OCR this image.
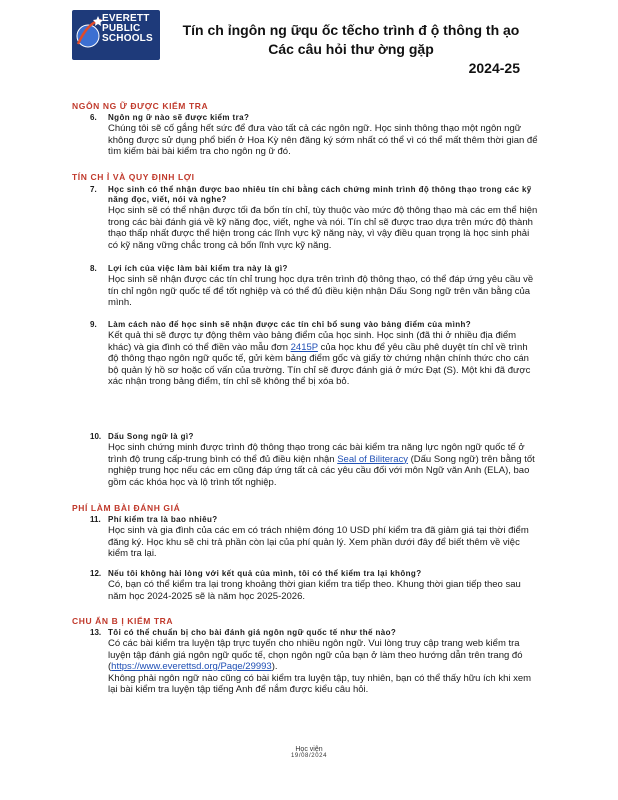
EVERETT
PUBLIC
SCHOOLS
Tín ch ỉngôn ng ữqu ốc tếcho trình đ ộ thông th ạo
Các câu hỏi thư ờng gặp
2024-25
NGÔN NG Ữ ĐƯỢC KIỂM TRA
6. Ngôn ng ữ nào sẽ được kiểm tra?
Chúng tôi sẽ cố gắng hết sức để đưa vào tất cả các ngôn ngữ. Học sinh thông thạo một ngôn ngữ không được sử dụng phổ biến ở Hoa Kỳ nên đăng ký sớm nhất có thể vì có thể mất thêm thời gian để tìm kiếm bài bài kiểm tra cho ngôn ng ữ đó.
TÍN CH Ỉ VÀ QUY ĐỊNH LỢI
7. Học sinh có thể nhận được bao nhiêu tín chỉ bằng cách chứng minh trình độ thông thạo trong các kỹ năng đọc, viết, nói và nghe?
Học sinh sẽ có thể nhận được tối đa bốn tín chỉ, tùy thuộc vào mức độ thông thạo mà các em thể hiện trong các bài đánh giá về kỹ năng đọc, viết, nghe và nói. Tín chỉ sẽ được trao dựa trên mức độ thành thạo thấp nhất được thể hiện trong các lĩnh vực kỹ năng này, vì vậy điều quan trọng là học sinh phải có kỹ năng vững chắc trong cả bốn lĩnh vực kỹ năng.
8. Lợi ích của việc làm bài kiểm tra này là gì?
Học sinh sẽ nhận được các tín chỉ trung học dựa trên trình độ thông thạo, có thể đáp ứng yêu cầu về tín chỉ ngôn ngữ quốc tế để tốt nghiệp và có thể đủ điều kiện nhận Dấu Song ngữ trên văn bằng của mình.
9. Làm cách nào để học sinh sẽ nhận được các tín chỉ bổ sung vào bảng điểm của mình?
Kết quả thi sẽ được tự động thêm vào bảng điểm của học sinh. Học sinh (đã thi ở nhiều địa điểm khác) và gia đình có thể điền vào mẫu đơn 2415P của học khu để yêu cầu phê duyệt tín chỉ về trình độ thông thạo ngôn ngữ quốc tế, gửi kèm bảng điểm gốc và giấy tờ chứng nhận chính thức cho cán bộ quản lý hồ sơ hoặc cố vấn của trường. Tín chỉ sẽ được đánh giá ở mức Đạt (S). Một khi đã được xác nhận trong bảng điểm, tín chỉ sẽ không thể bị xóa bỏ.
10. Dấu Song ngữ là gì?
Học sinh chứng minh được trình độ thông thạo trong các bài kiểm tra năng lực ngôn ngữ quốc tế ở trình độ trung cấp-trung bình có thể đủ điều kiện nhận Seal of Biliteracy (Dấu Song ngữ) trên bằng tốt nghiệp trung học nếu các em cũng đáp ứng tất cả các yêu cầu đối với môn Ngữ văn Anh (ELA), bao gồm các khóa học và lộ trình tốt nghiệp.
PHÍ LÀM BÀI ĐÁNH GIÁ
11. Phí kiểm tra là bao nhiêu?
Học sinh và gia đình của các em có trách nhiệm đóng 10 USD phí kiểm tra đã giảm giá tại thời điểm đăng ký. Học khu sẽ chi trả phần còn lại của phí quản lý. Xem phần dưới đây để biết thêm về việc kiểm tra lại.
12. Nếu tôi không hài lòng với kết quả của mình, tôi có thể kiểm tra lại không?
Có, bạn có thể kiểm tra lại trong khoảng thời gian kiểm tra tiếp theo. Khung thời gian tiếp theo sau năm học 2024-2025 sẽ là năm học 2025-2026.
CHU ẨN B Ị KIỂM TRA
13. Tôi có thể chuẩn bị cho bài đánh giá ngôn ngữ quốc tế như thế nào?
Có các bài kiểm tra luyện tập trực tuyến cho nhiều ngôn ngữ. Vui lòng truy cập trang web kiểm tra luyện tập đánh giá ngôn ngữ quốc tế, chọn ngôn ngữ của bạn ở làm theo hướng dẫn trên trang đó (https://www.everettsd.org/Page/29993).
Không phải ngôn ngữ nào cũng có bài kiểm tra luyện tập, tuy nhiên, bạn có thể thấy hữu ích khi xem lại bài kiểm tra luyện tập tiếng Anh để nắm được kiểu câu hỏi.
Học viện
19/08/2024
